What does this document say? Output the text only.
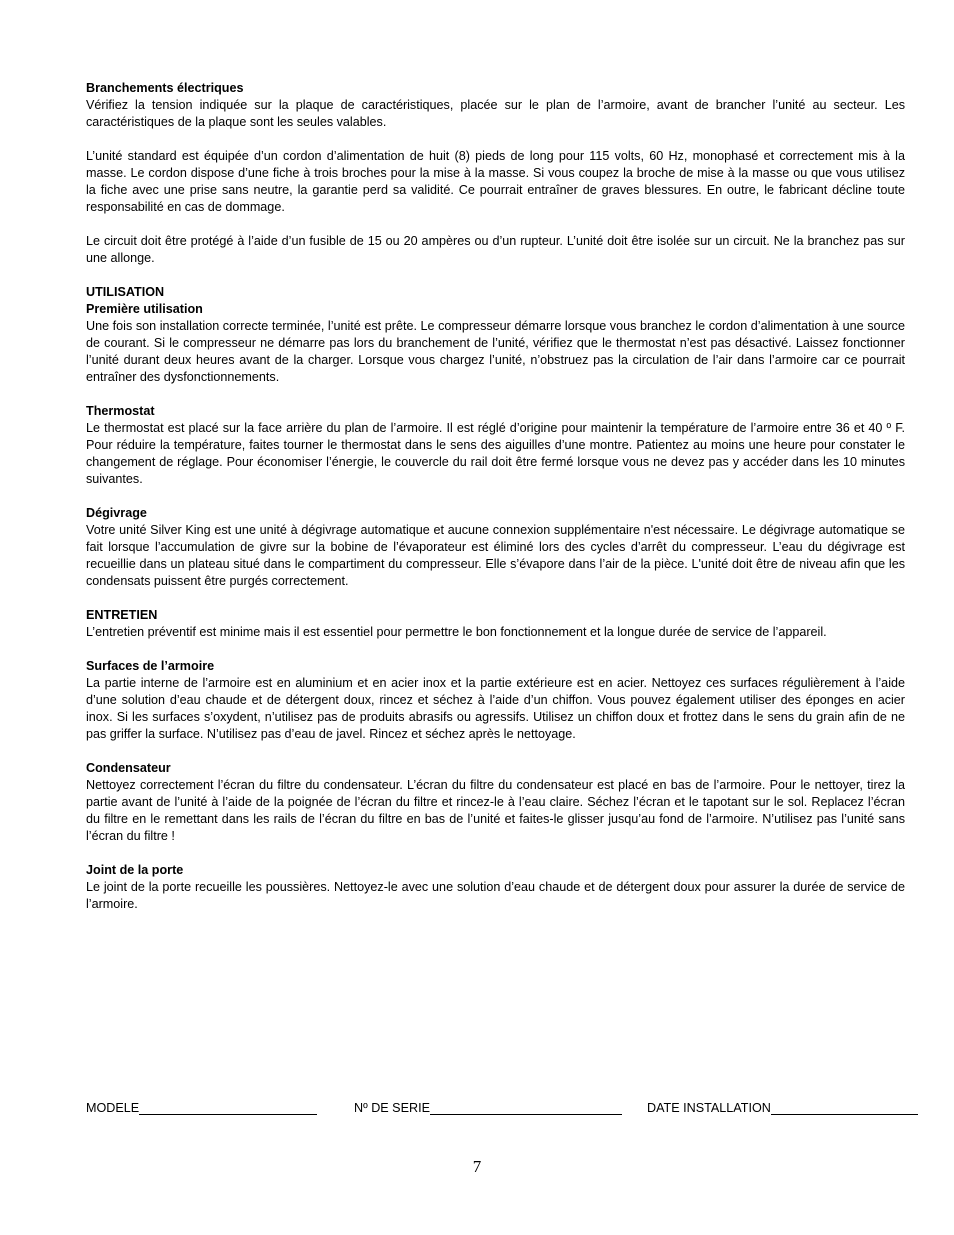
Branchements électriques

Vérifiez la tension indiquée sur la plaque de caractéristiques, placée sur le plan de l’armoire, avant de brancher l’unité au secteur. Les caractéristiques de la plaque sont les seules valables.

L’unité standard est équipée d’un cordon d’alimentation de huit (8) pieds de long pour 115 volts, 60 Hz, monophasé et correctement mis à la masse. Le cordon dispose d’une fiche à trois broches pour la mise à la masse. Si vous coupez la broche de mise à la masse ou que vous utilisez la fiche avec une prise sans neutre, la garantie perd sa validité. Ce pourrait entraîner de graves blessures. En outre, le fabricant décline toute responsabilité en cas de dommage.

Le circuit doit être protégé à l’aide d’un fusible de 15 ou 20 ampères ou d’un rupteur. L’unité doit être isolée sur un circuit. Ne la branchez pas sur une allonge.

UTILISATION
Première utilisation

Une fois son installation correcte terminée, l’unité est prête. Le compresseur démarre lorsque vous branchez le cordon d’alimentation à une source de courant. Si le compresseur ne démarre pas lors du branchement de l’unité, vérifiez que le thermostat n’est pas désactivé. Laissez fonctionner l’unité durant deux heures avant de la charger. Lorsque vous chargez l’unité, n’obstruez pas la circulation de l’air dans l’armoire car ce pourrait entraîner des dysfonctionnements.

Thermostat

Le thermostat est placé sur la face arrière du plan de l’armoire. Il est réglé d’origine pour maintenir la température de l’armoire entre 36 et 40 º F. Pour réduire la température, faites tourner le thermostat dans le sens des aiguilles d’une montre. Patientez au moins une heure pour constater le changement de réglage. Pour économiser l’énergie, le couvercle du rail doit être fermé lorsque vous ne devez pas y accéder dans les 10 minutes suivantes.

Dégivrage

Votre unité Silver King est une unité à dégivrage automatique et aucune connexion supplémentaire n'est nécessaire. Le dégivrage automatique se fait lorsque l’accumulation de givre sur la bobine de l’évaporateur est éliminé lors des cycles d’arrêt du compresseur. L’eau du dégivrage est recueillie dans un plateau situé dans le compartiment du compresseur. Elle s’évapore dans l’air de la pièce. L'unité doit être de niveau afin que les condensats puissent être purgés correctement.

ENTRETIEN

L’entretien préventif est minime mais il est essentiel pour permettre le bon fonctionnement et la longue durée de service de l’appareil.

Surfaces de l’armoire

La partie interne de l’armoire est en aluminium et en acier inox et la partie extérieure est en acier. Nettoyez ces surfaces régulièrement à l’aide d’une solution d’eau chaude et de détergent doux, rincez et séchez à l’aide d’un chiffon. Vous pouvez également utiliser des éponges en acier inox. Si les surfaces s’oxydent, n’utilisez pas de produits abrasifs ou agressifs. Utilisez un chiffon doux et frottez dans le sens du grain afin de ne pas griffer la surface. N’utilisez pas d’eau de javel. Rincez et séchez après le nettoyage.

Condensateur

Nettoyez correctement l’écran du filtre du condensateur. L’écran du filtre du condensateur est placé en bas de l’armoire. Pour le nettoyer, tirez la partie avant de l’unité à l’aide de la poignée de l’écran du filtre et rincez-le à l’eau claire. Séchez l’écran et le tapotant sur le sol. Replacez l’écran du filtre en le remettant dans les rails de l’écran du filtre en bas de l’unité et faites-le glisser jusqu’au fond de l’armoire. N’utilisez pas l’unité sans l’écran du filtre !

Joint de la porte

Le joint de la porte recueille les poussières. Nettoyez-le avec une solution d’eau chaude et de détergent doux pour assurer la durée de service de l’armoire.

MODELE	Nº DE SERIE	DATE INSTALLATION
7
